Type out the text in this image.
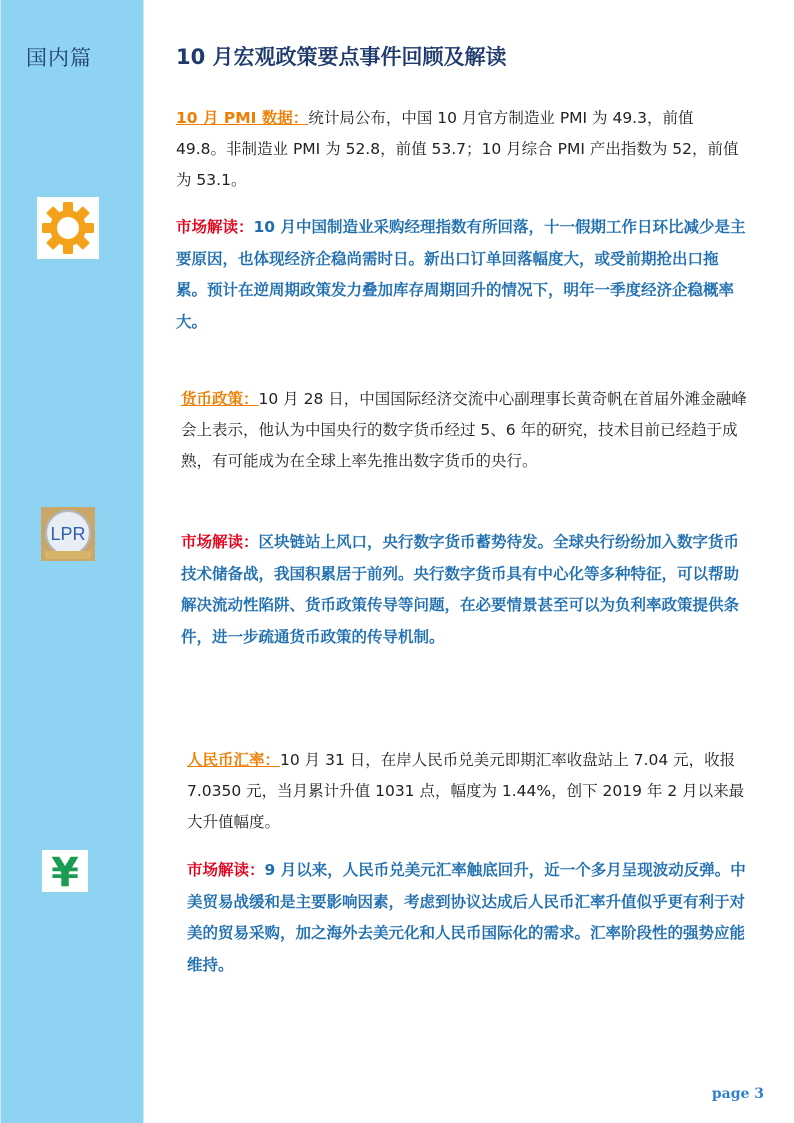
国内篇
LPR
¥
10 月宏观政策要点事件回顾及解读
10 月 PMI 数据：统计局公布，中国 10 月官方制造业 PMI 为 49.3，前值 49.8。非制造业 PMI 为 52.8，前值 53.7；10 月综合 PMI 产出指数为 52，前值为 53.1。
市场解读：10 月中国制造业采购经理指数有所回落，十一假期工作日环比减少是主要原因，也体现经济企稳尚需时日。新出口订单回落幅度大，或受前期抢出口拖累。预计在逆周期政策发力叠加库存周期回升的情况下，明年一季度经济企稳概率大。
货币政策：10 月 28 日，中国国际经济交流中心副理事长黄奇帆在首届外滩金融峰会上表示，他认为中国央行的数字货币经过 5、6 年的研究，技术目前已经趋于成熟，有可能成为在全球上率先推出数字货币的央行。
市场解读：区块链站上风口，央行数字货币蓄势待发。全球央行纷纷加入数字货币技术储备战，我国积累居于前列。央行数字货币具有中心化等多种特征，可以帮助解决流动性陷阱、货币政策传导等问题，在必要情景甚至可以为负利率政策提供条件，进一步疏通货币政策的传导机制。
人民币汇率：10 月 31 日，在岸人民币兑美元即期汇率收盘站上 7.04 元，收报 7.0350 元，当月累计升值 1031 点，幅度为 1.44%，创下 2019 年 2 月以来最大升值幅度。
市场解读：9 月以来，人民币兑美元汇率触底回升，近一个多月呈现波动反弹。中美贸易战缓和是主要影响因素，考虑到协议达成后人民币汇率升值似乎更有利于对美的贸易采购，加之海外去美元化和人民币国际化的需求。汇率阶段性的强势应能维持。
page 3
